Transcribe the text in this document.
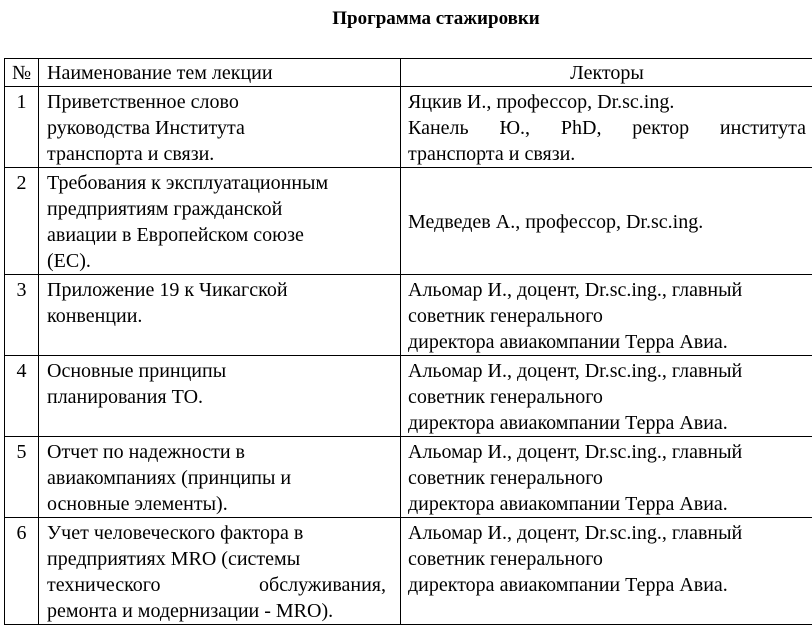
Программа стажировки
№	Наименование тем лекции	Лекторы
1	Приветственное слово
руководства Института
транспорта и связи.	Яцкив И., профессор, Dr.sc.ing.
Канель Ю., PhD, ректор института
транспорта и связи.

2	Требования к эксплуатационным
предприятиям гражданской
авиации в Европейском союзе
(ЕС).	Медведев А., профессор, Dr.sc.ing.

3	Приложение 19 к Чикагской
конвенции.	Альомар И., доцент, Dr.sc.ing., главный
советник генерального
директора авиакомпании Терра Авиа.

4	Основные принципы
планирования ТО.	Альомар И., доцент, Dr.sc.ing., главный
советник генерального
директора авиакомпании Терра Авиа.

5	Отчет по надежности в
авиакомпаниях (принципы и
основные элементы).	Альомар И., доцент, Dr.sc.ing., главный
советник генерального
директора авиакомпании Терра Авиа.

6	Учет человеческого фактора в
предприятиях MRO (системы
технического обслуживания,
ремонта и модернизации - MRO).	Альомар И., доцент, Dr.sc.ing., главный
советник генерального
директора авиакомпании Терра Авиа.
